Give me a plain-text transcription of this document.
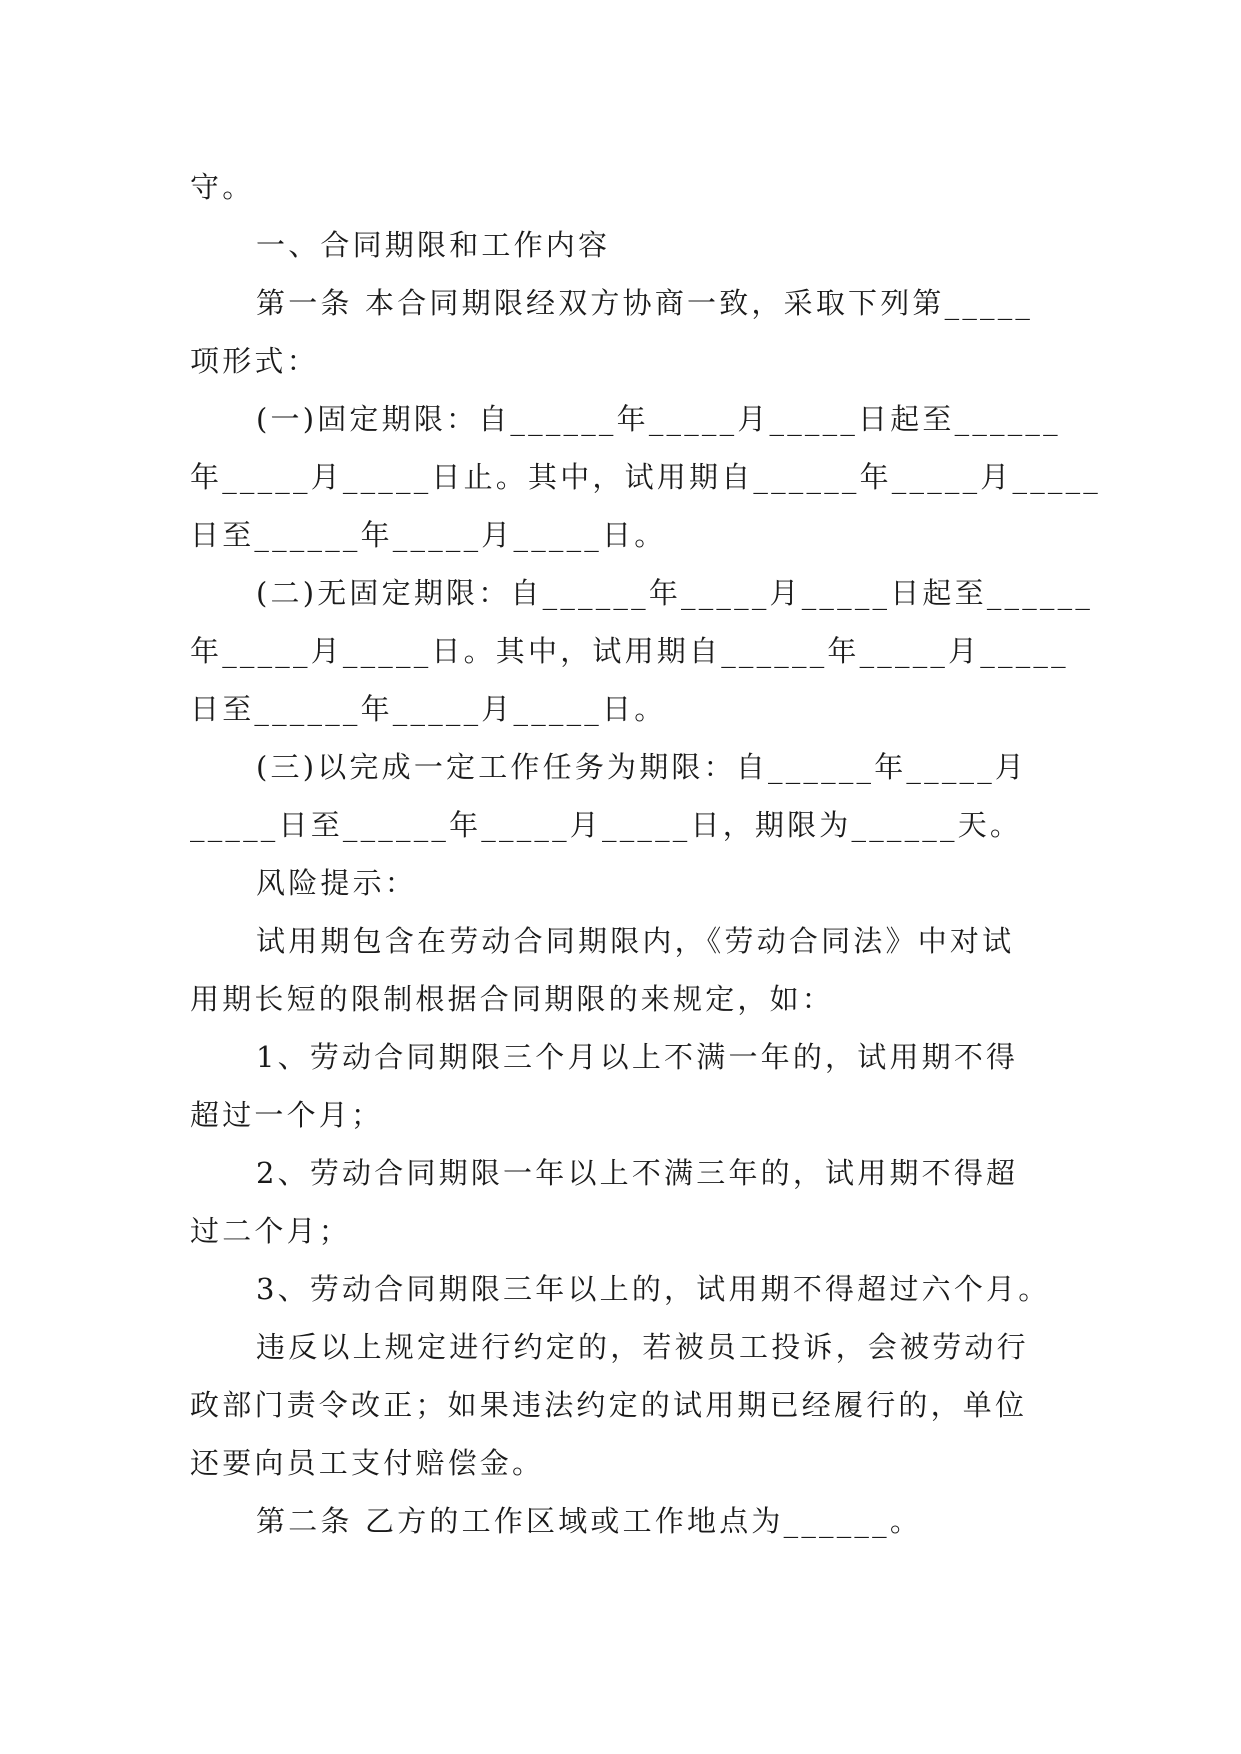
守。
一、合同期限和工作内容
第一条 本合同期限经双方协商一致，采取下列第_____
项形式：
(一)固定期限：自______年_____月_____日起至______
年_____月_____日止。其中，试用期自______年_____月_____
日至______年_____月_____日。
(二)无固定期限：自______年_____月_____日起至______
年_____月_____日。其中，试用期自______年_____月_____
日至______年_____月_____日。
(三)以完成一定工作任务为期限：自______年_____月
_____日至______年_____月_____日，期限为______天。
风险提示：
试用期包含在劳动合同期限内，《劳动合同法》中对试
用期长短的限制根据合同期限的来规定，如：
1、劳动合同期限三个月以上不满一年的，试用期不得
超过一个月；
2、劳动合同期限一年以上不满三年的，试用期不得超
过二个月；
3、劳动合同期限三年以上的，试用期不得超过六个月。
违反以上规定进行约定的，若被员工投诉，会被劳动行
政部门责令改正；如果违法约定的试用期已经履行的，单位
还要向员工支付赔偿金。
第二条 乙方的工作区域或工作地点为______。
